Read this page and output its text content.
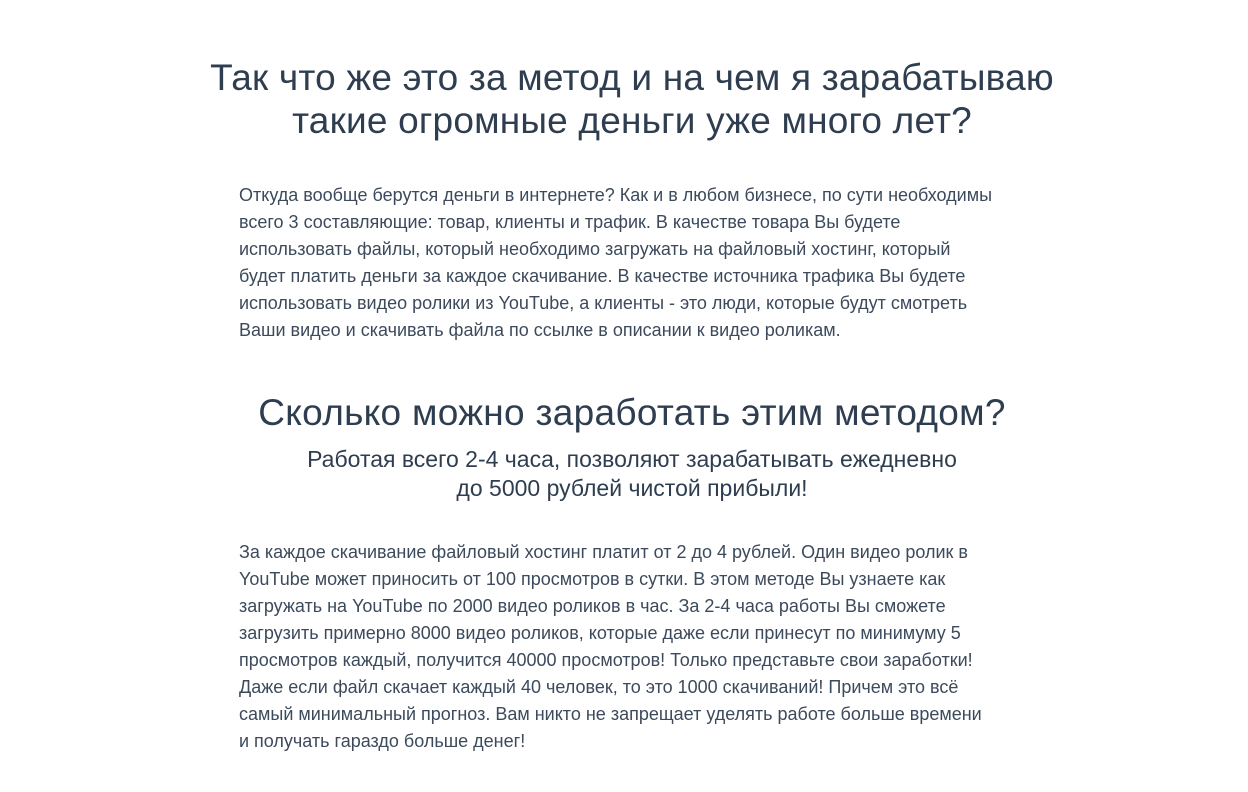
Так что же это за метод и на чем я зарабатываю
такие огромные деньги уже много лет?

Откуда вообще берутся деньги в интернете? Как и в любом бизнесе, по сути необходимы
всего 3 составляющие: товар, клиенты и трафик. В качестве товара Вы будете
использовать файлы, который необходимо загружать на файловый хостинг, который
будет платить деньги за каждое скачивание. В качестве источника трафика Вы будете
использовать видео ролики из YouTube, а клиенты - это люди, которые будут смотреть
Ваши видео и скачивать файла по ссылке в описании к видео роликам.

Сколько можно заработать этим методом?
Работая всего 2-4 часа, позволяют зарабатывать ежедневно
до 5000 рублей чистой прибыли!

За каждое скачивание файловый хостинг платит от 2 до 4 рублей. Один видео ролик в
YouTube может приносить от 100 просмотров в сутки. В этом методе Вы узнаете как
загружать на YouTube по 2000 видео роликов в час. За 2-4 часа работы Вы сможете
загрузить примерно 8000 видео роликов, которые даже если принесут по минимуму 5
просмотров каждый, получится 40000 просмотров! Только представьте свои заработки!
Даже если файл скачает каждый 40 человек, то это 1000 скачиваний! Причем это всё
самый минимальный прогноз. Вам никто не запрещает уделять работе больше времени
и получать гараздо больше денег!
